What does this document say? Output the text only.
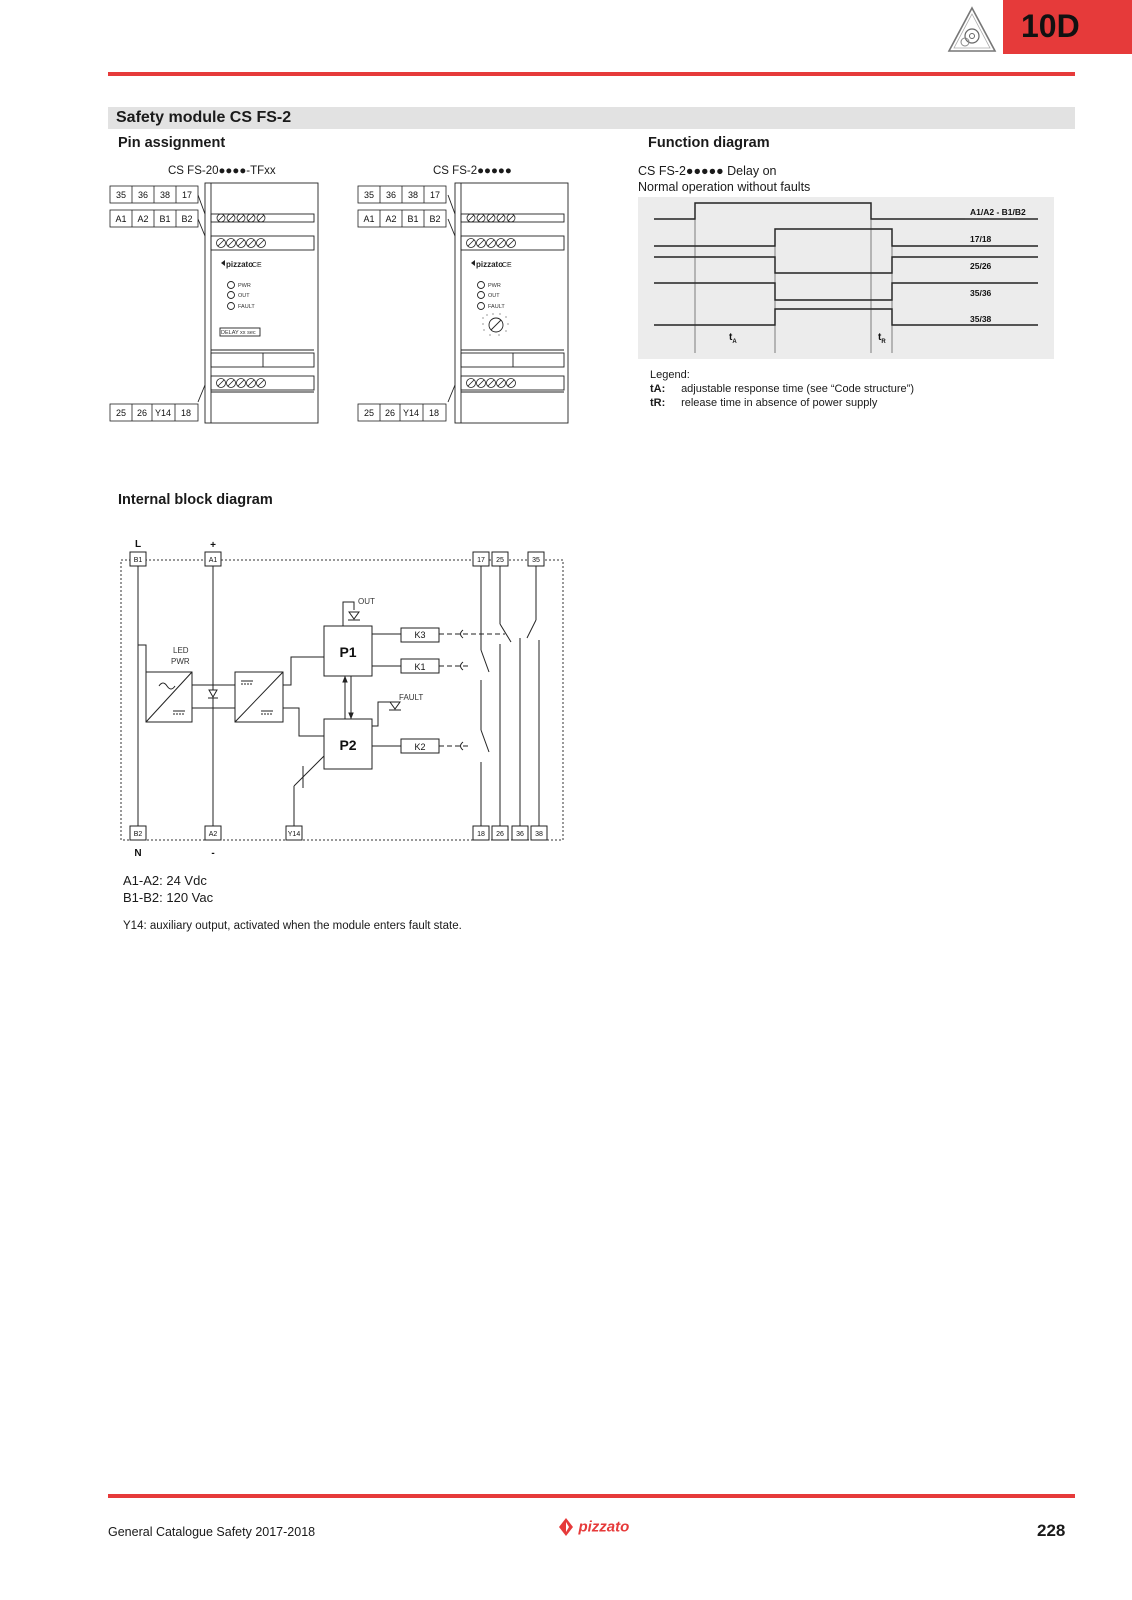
10D
Safety module CS FS-2
Pin assignment
CS FS-20●●●●-TFxx	CS FS-2●●●●●
pizzato
CE
PWR
OUT
FAULT
DELAY xx sec
35 36 38 17
A1 A2 B1 B2
25 26 Y14 18
pizzato
CE
PWR
OUT
FAULT
35 36 38 17
A1 A2 B1 B2
25 26 Y14 18
Function diagram
CS FS-2●●●●● Delay on
Normal operation without faults
A1/A2 - B1/B2
17/18
25/26
35/36
35/38
$t_A$	$t_R$
Legend:
tA: adjustable response time (see “Code structure”)
tR: release time in absence of power supply
Internal block diagram
B1	A1	17 25	35
B2	A2	Y14	18 26 36 38
L	+
N	-
LED
PWR
OUT
FAULT
P1
P2
K3
K1
K2
A1-A2: 24 Vdc
B1-B2: 120 Vac
Y14: auxiliary output, activated when the module enters fault state.
General Catalogue Safety 2017-2018	pizzato	228
